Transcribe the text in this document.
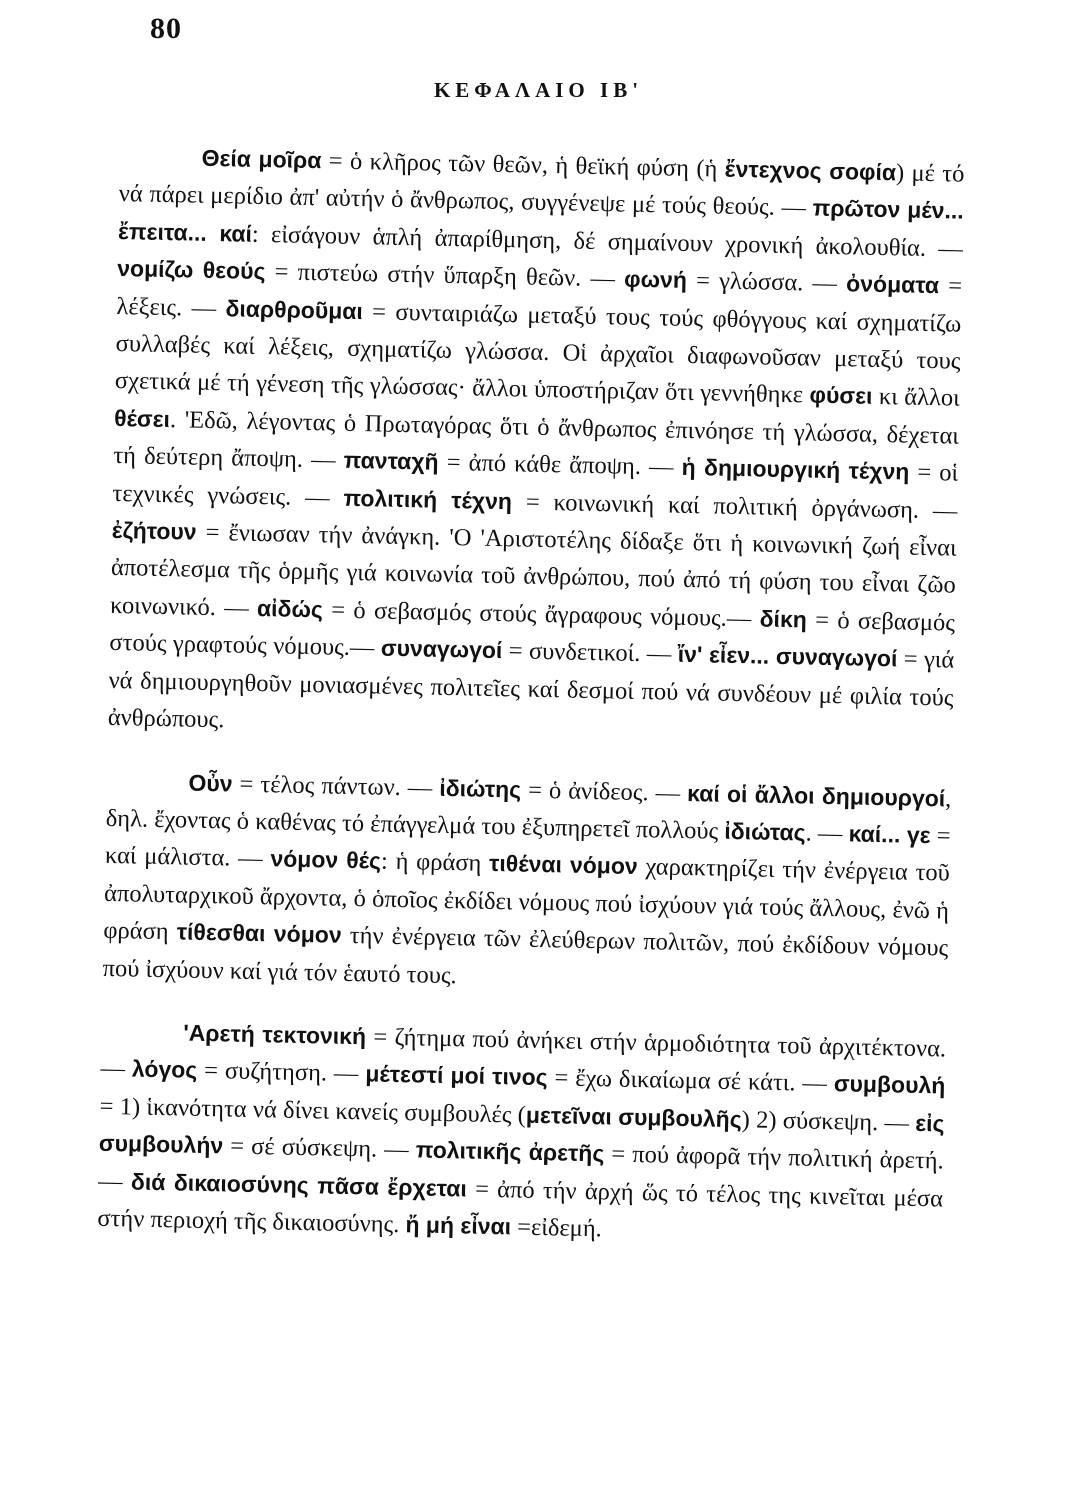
80
ΚΕΦΑΛΑΙΟ ΙΒ'

Θεία μοῖρα = ὁ κλῆρος τῶν θεῶν, ἡ θεϊκή φύση (ἡ ἔντεχνος σοφία) μέ τό νά πάρει μερίδιο ἀπ' αὐτήν ὁ ἄνθρωπος, συγγένεψε μέ τούς θεούς. — πρῶτον μέν... ἔπειτα... καί: εἰσάγουν ἁπλή ἀπαρίθμηση, δέ σημαίνουν χρονική ἀκολουθία. — νομίζω θεούς = πιστεύω στήν ὕπαρξη θεῶν. — φωνή = γλώσσα. — ὀνόματα = λέξεις. — διαρθροῦμαι = συνταιριάζω μεταξύ τους τούς φθόγγους καί σχηματίζω συλλαβές καί λέξεις, σχηματίζω γλώσσα. Οἱ ἀρχαῖοι διαφωνοῦσαν μεταξύ τους σχετικά μέ τή γένεση τῆς γλώσσας· ἄλλοι ὑποστήριζαν ὅτι γεννήθηκε φύσει κι ἄλλοι θέσει. 'Εδῶ, λέγοντας ὁ Πρωταγόρας ὅτι ὁ ἄνθρωπος ἐπινόησε τή γλώσσα, δέχεται τή δεύτερη ἄποψη. — πανταχῆ = ἀπό κάθε ἄποψη. — ἡ δημιουργική τέχνη = οἱ τεχνικές γνώσεις. — πολιτική τέχνη = κοινωνική καί πολιτική ὀργάνωση. — ἐζήτουν = ἔνιωσαν τήν ἀνάγκη. 'Ο 'Αριστοτέλης δίδαξε ὅτι ἡ κοινωνική ζωή εἶναι ἀποτέλεσμα τῆς ὁρμῆς γιά κοινωνία τοῦ ἀνθρώπου, πού ἀπό τή φύση του εἶναι ζῶο κοινωνικό. — αἰδώς = ὁ σεβασμός στούς ἄγραφους νόμους.— δίκη = ὁ σεβασμός στούς γραφτούς νόμους.— συναγωγοί = συνδετικοί. — ἴν' εἶεν... συναγωγοί = γιά νά δημιουργηθοῦν μονιασμένες πολιτεῖες καί δεσμοί πού νά συνδέουν μέ φιλία τούς ἀνθρώπους.

Οὖν = τέλος πάντων. — ἰδιώτης = ὁ ἀνίδεος. — καί οἱ ἄλλοι δημιουργοί, δηλ. ἔχοντας ὁ καθένας τό ἐπάγγελμά του ἐξυπηρετεῖ πολλούς ἰδιώτας. — καί... γε = καί μάλιστα. — νόμον θές: ἡ φράση τιθέναι νόμον χαρακτηρίζει τήν ἐνέργεια τοῦ ἀπολυταρχικοῦ ἄρχοντα, ὁ ὁποῖος ἐκδίδει νόμους πού ἰσχύουν γιά τούς ἄλλους, ἐνῶ ἡ φράση τίθεσθαι νόμον τήν ἐνέργεια τῶν ἐλεύθερων πολιτῶν, πού ἐκδίδουν νόμους πού ἰσχύουν καί γιά τόν ἑαυτό τους.

'Αρετή τεκτονική = ζήτημα πού ἀνήκει στήν ἁρμοδιότητα τοῦ ἀρχιτέκτονα. — λόγος = συζήτηση. — μέτεστί μοί τινος = ἔχω δικαίωμα σέ κάτι. — συμβουλή = 1) ἱκανότητα νά δίνει κανείς συμβουλές (μετεῖναι συμβουλῆς) 2) σύσκεψη. — εἰς συμβουλήν = σέ σύσκεψη. — πολιτικῆς ἀρετῆς = πού ἀφορᾶ τήν πολιτική ἀρετή. — διά δικαιοσύνης πᾶσα ἔρχεται = ἀπό τήν ἀρχή ὥς τό τέλος της κινεῖται μέσα στήν περιοχή τῆς δικαιοσύνης. ἤ μή εἶναι =εἰδεμή.
